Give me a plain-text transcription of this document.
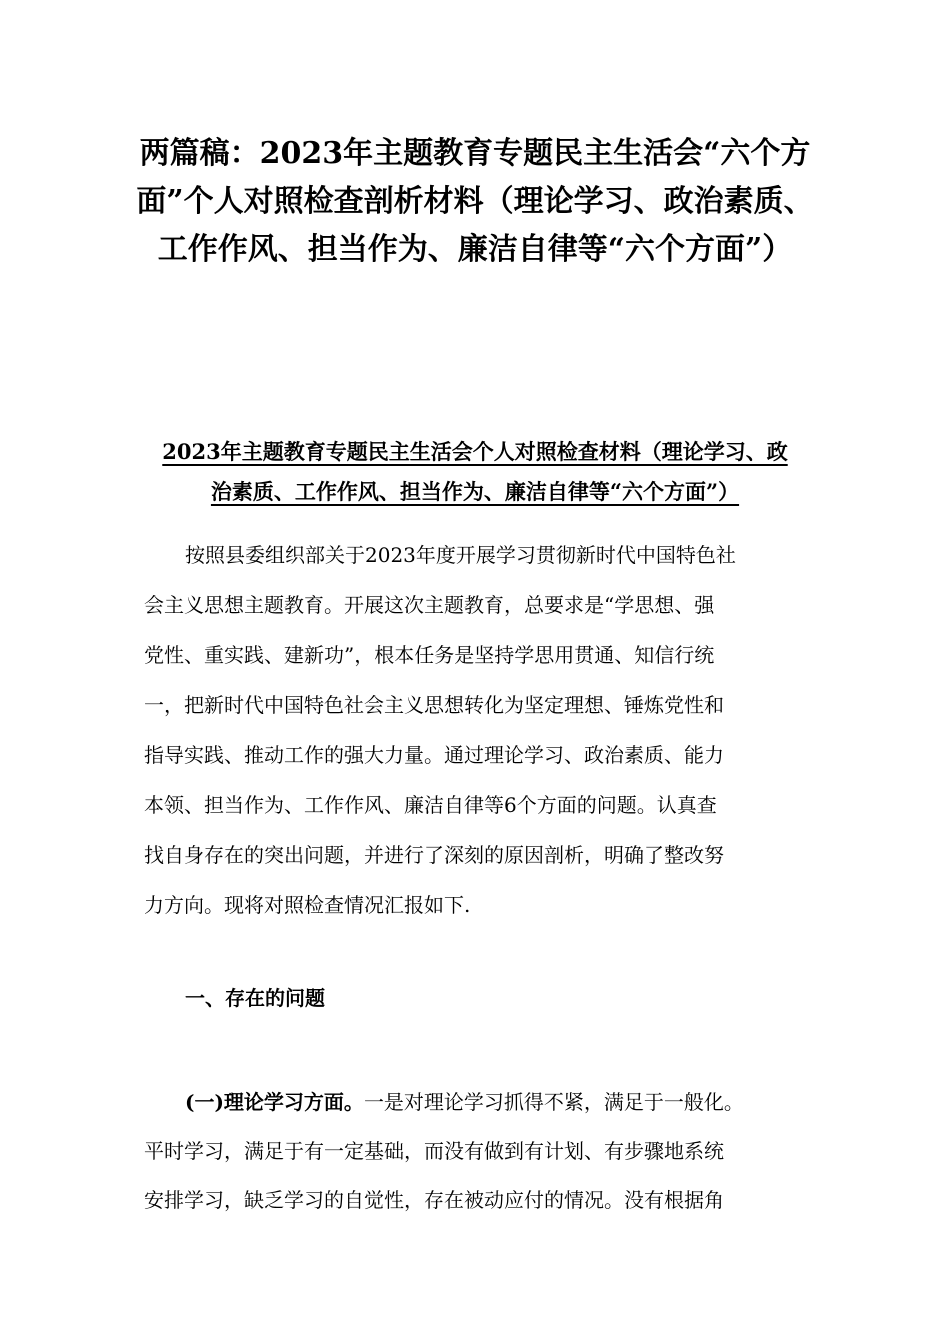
两篇稿：2023年主题教育专题民主生活会“六个方
面”个人对照检查剖析材料（理论学习、政治素质、
工作作风、担当作为、廉洁自律等“六个方面”）
2023年主题教育专题民主生活会个人对照检查材料（理论学习、政
治素质、工作作风、担当作为、廉洁自律等“六个方面”）

按照县委组织部关于2023年度开展学习贯彻新时代中国特色社
会主义思想主题教育。开展这次主题教育，总要求是“学思想、强
党性、重实践、建新功”，根本任务是坚持学思用贯通、知信行统
一，把新时代中国特色社会主义思想转化为坚定理想、锤炼党性和
指导实践、推动工作的强大力量。通过理论学习、政治素质、能力
本领、担当作为、工作作风、廉洁自律等6个方面的问题。认真查
找自身存在的突出问题，并进行了深刻的原因剖析，明确了整改努
力方向。现将对照检查情况汇报如下.

一、存在的问题

(一)理论学习方面。一是对理论学习抓得不紧，满足于一般化。
平时学习，满足于有一定基础，而没有做到有计划、有步骤地系统
安排学习，缺乏学习的自觉性，存在被动应付的情况。没有根据角
